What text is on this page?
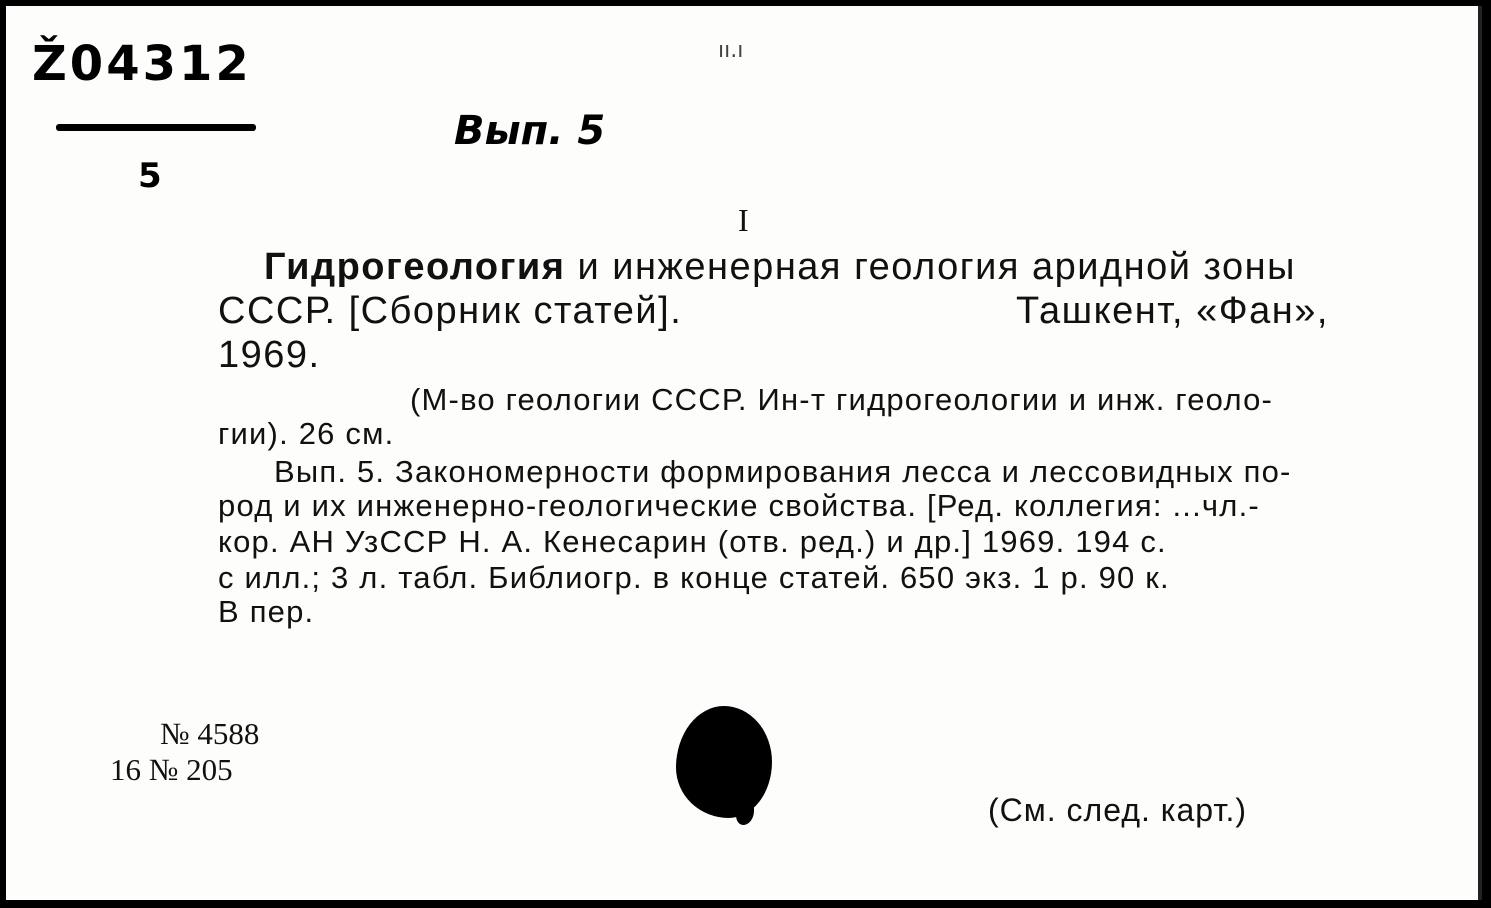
Ž04312
5
Вып. 5
ıı.ı
I
Гидрогеология и инженерная геология аридной зоны
СССР. [Сборник статей].	Ташкент, «Фан»,
1969.
(М-во геологии СССР. Ин-т гидрогеологии и инж. геоло-
гии). 26 см.
Вып. 5. Закономерности формирования лесса и лессовидных по-
род и их инженерно-геологические свойства. [Ред. коллегия: ...чл.-
кор. АН УзССР Н. А. Кенесарин (отв. ред.) и др.] 1969. 194 с.
с илл.; 3 л. табл. Библиогр. в конце статей. 650 экз. 1 р. 90 к.
В пер.
№ 4588
16 № 205
(См. след. карт.)
